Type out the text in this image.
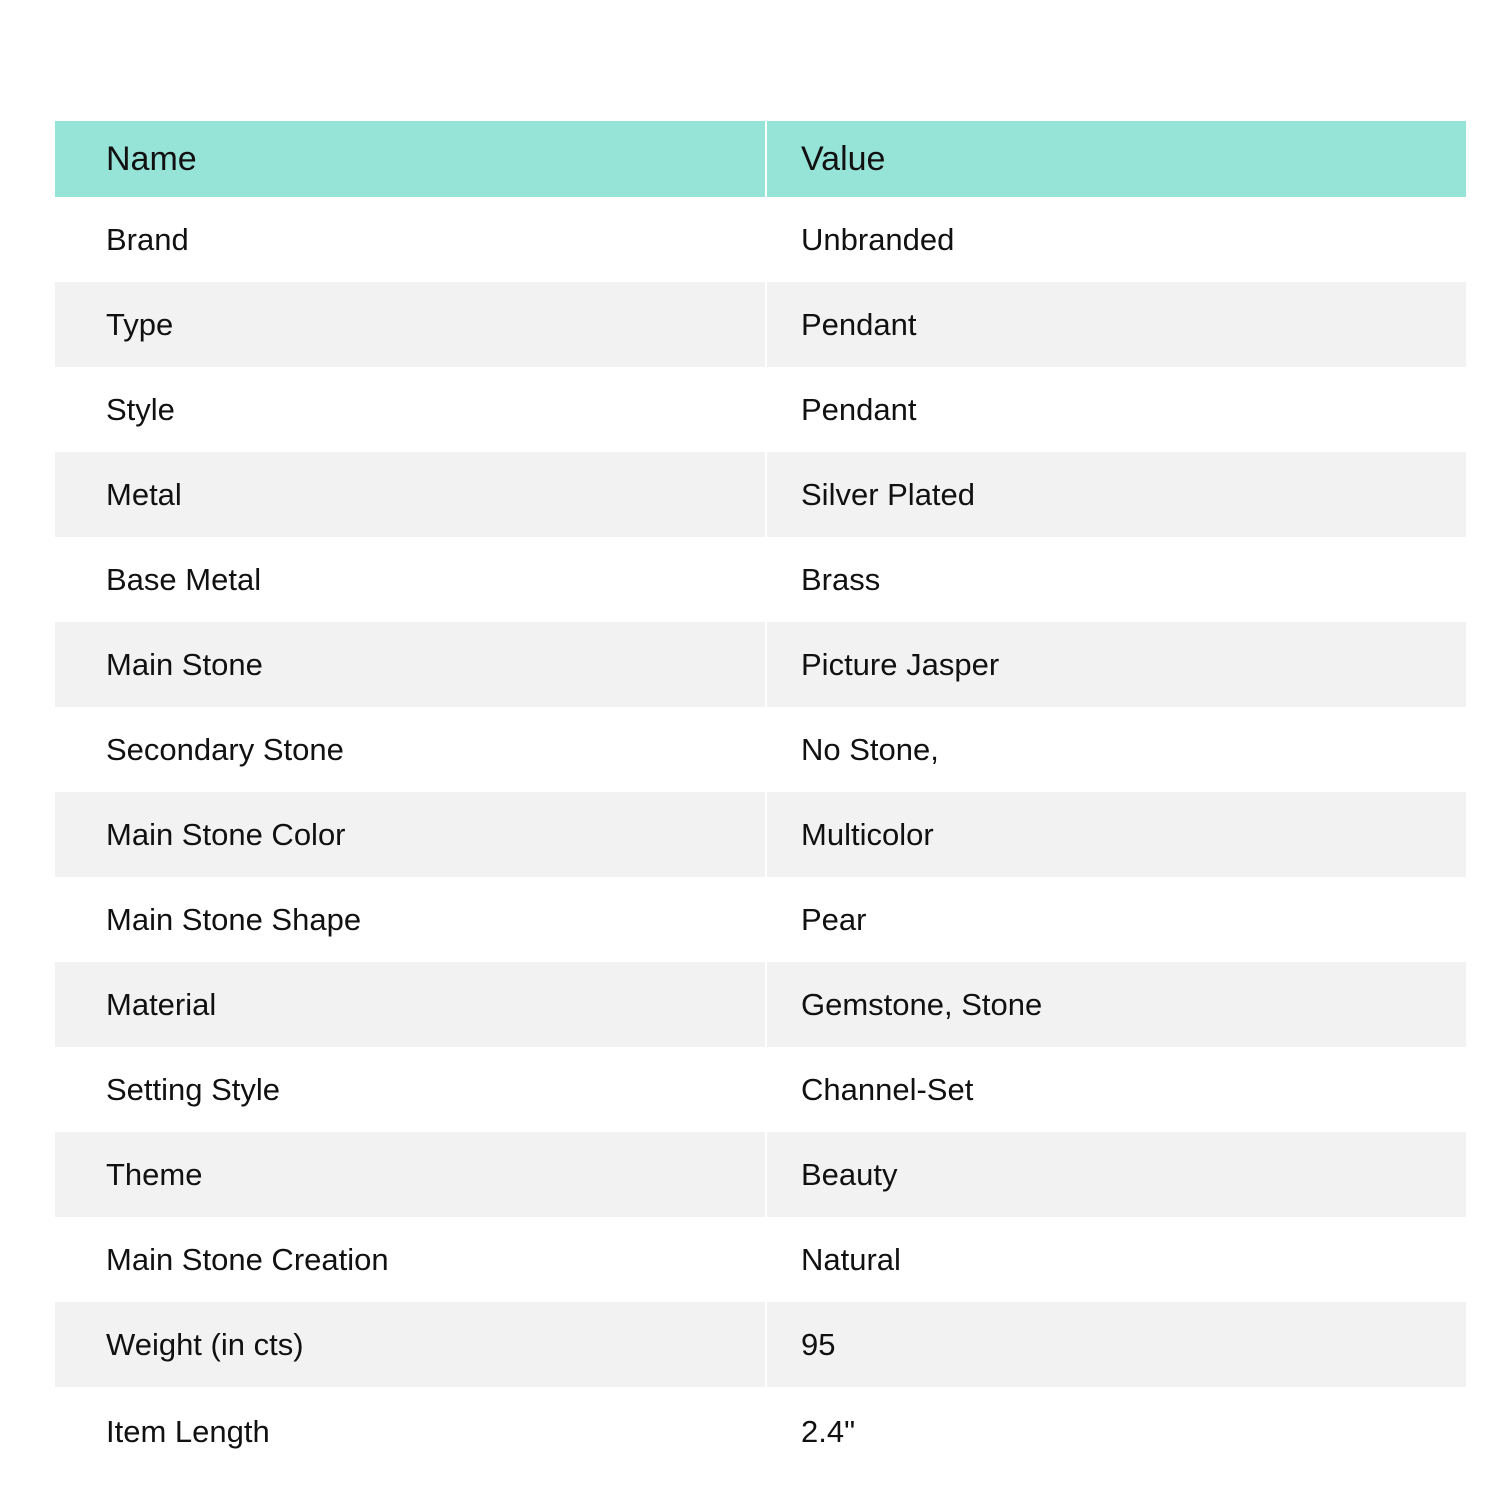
Name	Value
Brand	Unbranded
Type	Pendant
Style	Pendant
Metal	Silver Plated
Base Metal	Brass
Main Stone	Picture Jasper
Secondary Stone	No Stone,
Main Stone Color	Multicolor
Main Stone Shape	Pear
Material	Gemstone, Stone
Setting Style	Channel-Set
Theme	Beauty
Main Stone Creation	Natural
Weight (in cts)	95
Item Length	2.4"
